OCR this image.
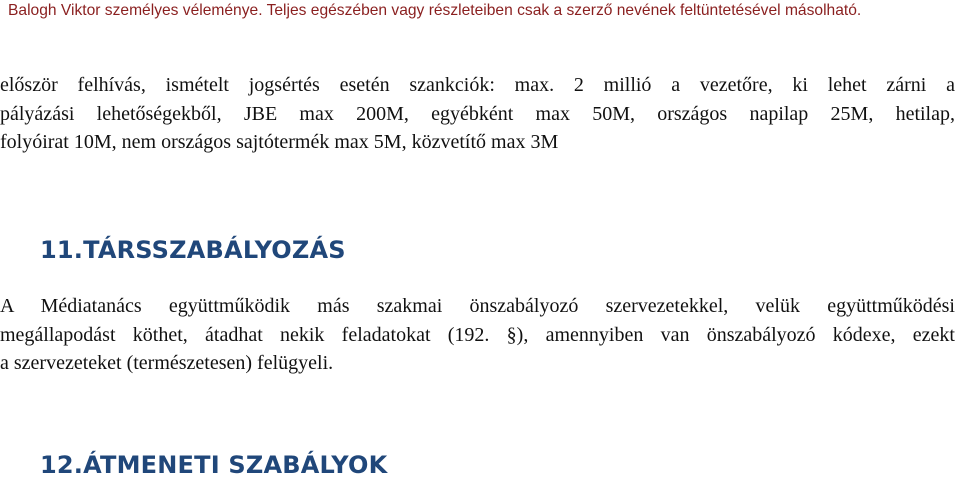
Balogh Viktor személyes véleménye. Teljes egészében vagy részleteiben csak a szerző nevének feltüntetésével másolható.
először felhívás, ismételt jogsértés esetén szankciók: max. 2 millió a vezetőre, ki lehet zárni a
pályázási lehetőségekből, JBE max 200M, egyébként max 50M, országos napilap 25M, hetilap,
folyóirat 10M, nem országos sajtótermék max 5M, közvetítő max 3M
11.TÁRSSZABÁLYOZÁS
A Médiatanács együttműködik más szakmai önszabályozó szervezetekkel, velük együttműködési
megállapodást köthet, átadhat nekik feladatokat (192. §), amennyiben van önszabályozó kódexe, ezekt
a szervezeteket (természetesen) felügyeli.
12.ÁTMENETI SZABÁLYOK
